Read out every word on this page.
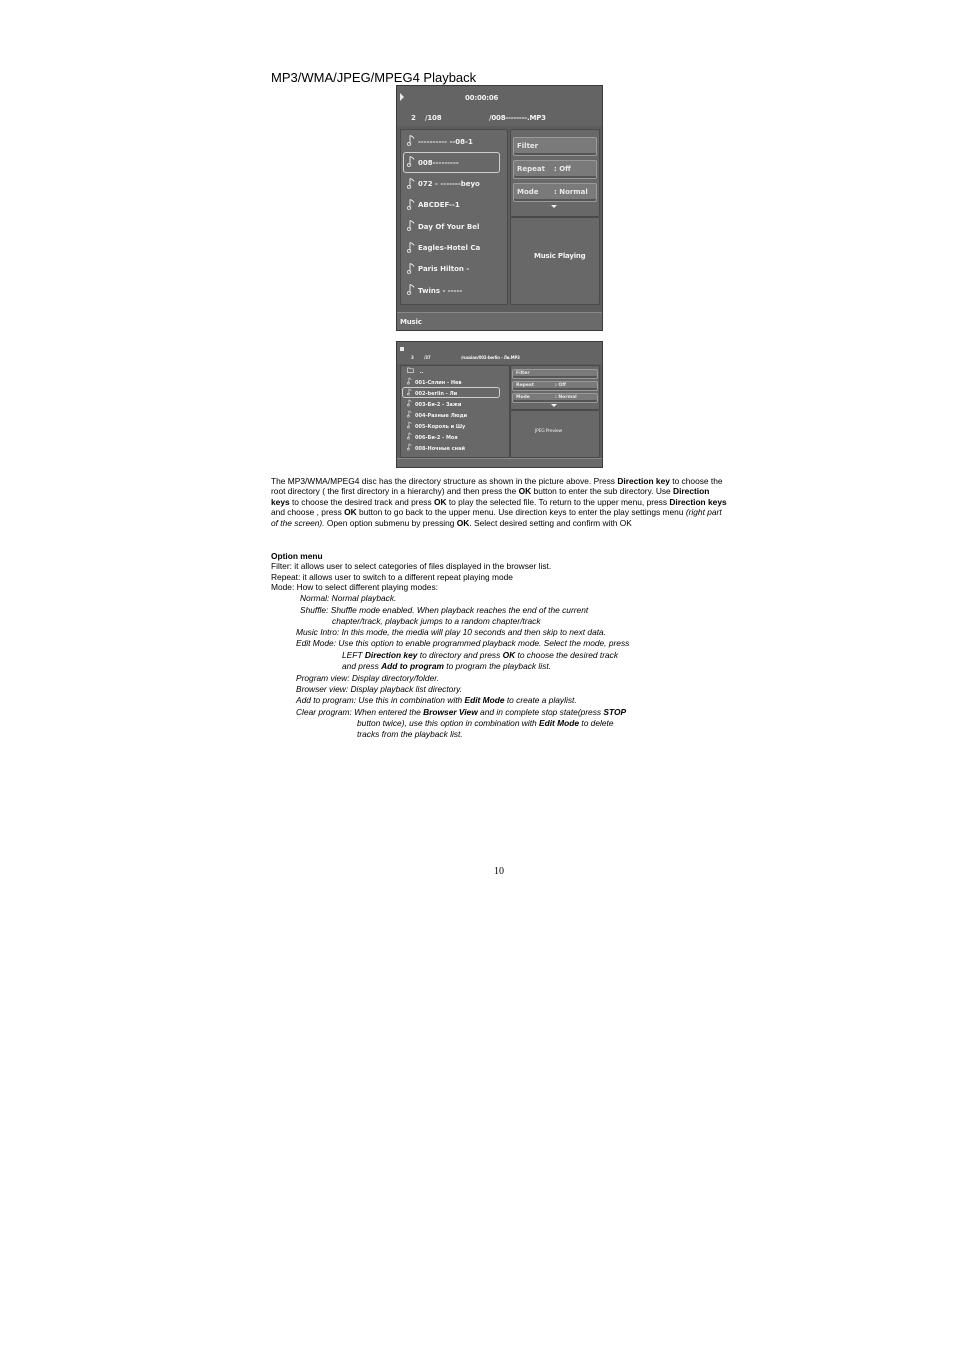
MP3/WMA/JPEG/MPEG4 Playback
00:00:06
2 /108	/008--------.MP3
---------- --08-1
008---------
072 - -------beyo
ABCDEF--1
Day Of Your Bel
Eagles-Hotel Ca
Paris Hilton -
Twins - -----
Filter
Repeat : Off
Mode : Normal
Music Playing
Music
3	/37	/russian/002-berlin - Ли.MP3
..
001-Сплин - Нев
002-berlin - Ли
003-Би-2 - Зажи
004-Разные Люди
005-Король и Шу
006-Би-2 - Моя
008-Ночные снай
Filter
Repeat	: Off
Mode	: Normal
JPEG Preview
The MP3/WMA/MPEG4 disc has the directory structure as shown in the picture above. Press Direction key to choose the root directory ( the first directory in a hierarchy) and then press the OK button to enter the sub directory. Use Direction keys to choose the desired track and press OK to play the selected file. To return to the upper menu, press Direction keys and choose , press OK button to go back to the upper menu. Use direction keys to enter the play settings menu (right part of the screen). Open option submenu by pressing OK. Select desired setting and confirm with OK
Option menu
Filter: it allows user to select categories of files displayed in the browser list.
Repeat: it allows user to switch to a different repeat playing mode
Mode: How to select different playing modes:
Normal: Normal playback.
Shuffle: Shuffle mode enabled. When playback reaches the end of the current
chapter/track, playback jumps to a random chapter/track
Music Intro: In this mode, the media will play 10 seconds and then skip to next data.
Edit Mode: Use this option to enable programmed playback mode. Select the mode, press
LEFT Direction key to directory and press OK to choose the desired track
and press Add to program to program the playback list.
Program view: Display directory/folder.
Browser view: Display playback list directory.
Add to program: Use this in combination with Edit Mode to create a playlist.
Clear program: When entered the Browser View and in complete stop state(press STOP
button twice), use this option in combination with Edit Mode to delete
tracks from the playback list.
10
